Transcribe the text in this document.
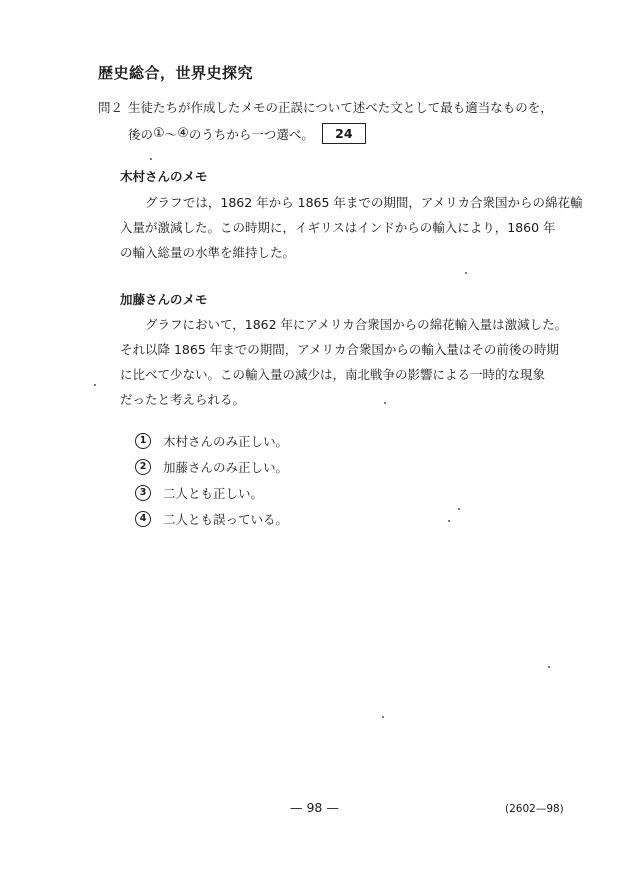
歴史総合，世界史探究
問２ 生徒たちが作成したメモの正誤について述べた文として最も適当なものを，
後の ① ～ ④ のうちから一つ選べ。	24
木村さんのメモ
グラフでは，1862 年から 1865 年までの期間，アメリカ合衆国からの綿花輸
入量が激減した。この時期に，イギリスはインドからの輸入により，1860 年
の輸入総量の水準を維持した。
加藤さんのメモ
グラフにおいて，1862 年にアメリカ合衆国からの綿花輸入量は激減した。
それ以降 1865 年までの期間，アメリカ合衆国からの輸入量はその前後の時期
に比べて少ない。この輸入量の減少は，南北戦争の影響による一時的な現象
だったと考えられる。
1	木村さんのみ正しい。
2	加藤さんのみ正しい。
3	二人とも正しい。
4	二人とも誤っている。
— 98 —	(2602—98)
